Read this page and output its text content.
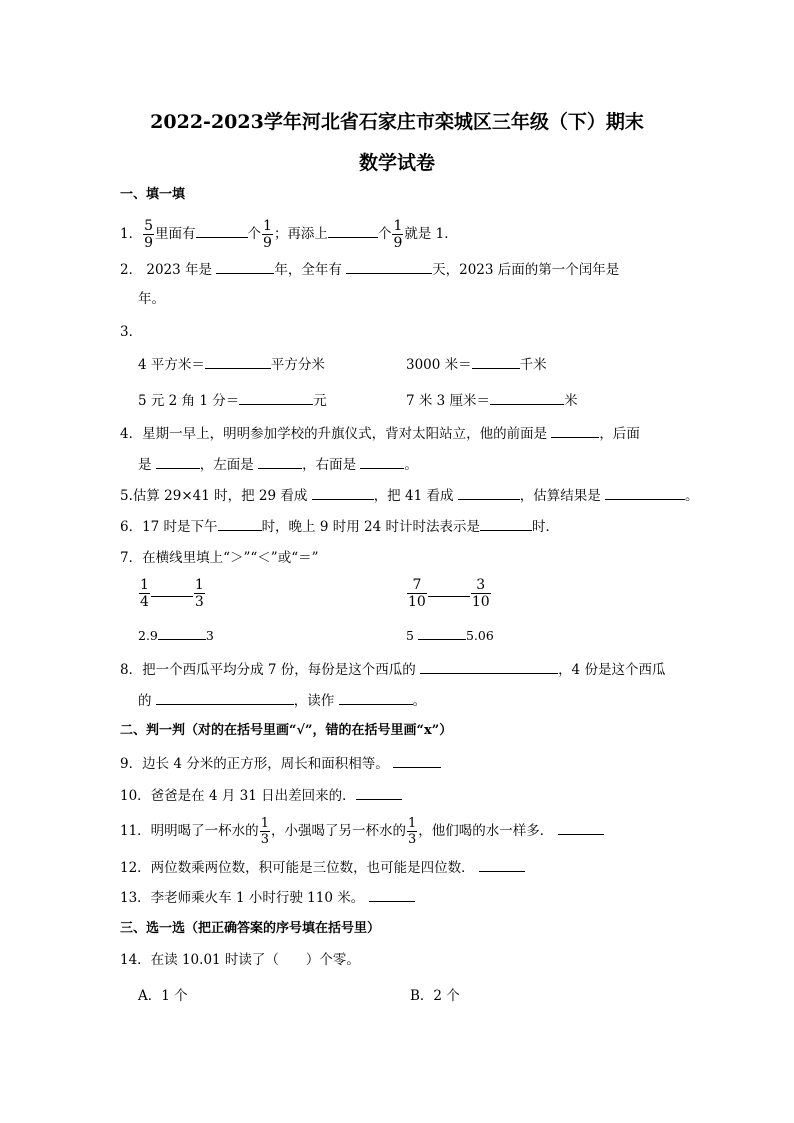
2022-2023学年河北省石家庄市栾城区三年级（下）期末
数学试卷
一、填一填
1． $\frac{5}{9}$ 里面有	个 $\frac{1}{9}$ ；再添上	个 $\frac{1}{9}$ 就是 1．
2． 2023 年是	年，全年有	天，2023 后面的第一个闰年是
年。
3．
4 平方米＝	平方分米	3000 米＝	千米
5 元 2 角 1 分＝	元	7 米 3 厘米＝	米
4．星期一早上，明明参加学校的升旗仪式，背对太阳站立，他的前面是	，后面
是	，左面是	，右面是	。
5.估算 29×41 时，把 29 看成	，把 41 看成	，估算结果是	。
6．17 时是下午	时，晚上 9 时用 24 时计时法表示是	时．
7．在横线里填上“＞”“＜”或“＝”
$\frac{1}{4}$	$\frac{1}{3}$	$\frac{7}{10}$	$\frac{3}{10}$
2.9	3	5	5.06
8．把一个西瓜平均分成 7 份，每份是这个西瓜的	，4 份是这个西瓜
的	，读作	。
二、判一判（对的在括号里画“√”，错的在括号里画“x”）
9．边长 4 分米的正方形，周长和面积相等。
10．爸爸是在 4 月 31 日出差回来的．
11．明明喝了一杯水的 $\frac{1}{3}$ ，小强喝了另一杯水的 $\frac{1}{3}$ ，他们喝的水一样多．
12．两位数乘两位数，积可能是三位数，也可能是四位数．
13．李老师乘火车 1 小时行驶 110 米。
三、选一选（把正确答案的序号填在括号里）
14．在读 10.01 时读了（　　）个零。
A．1 个	B．2 个
